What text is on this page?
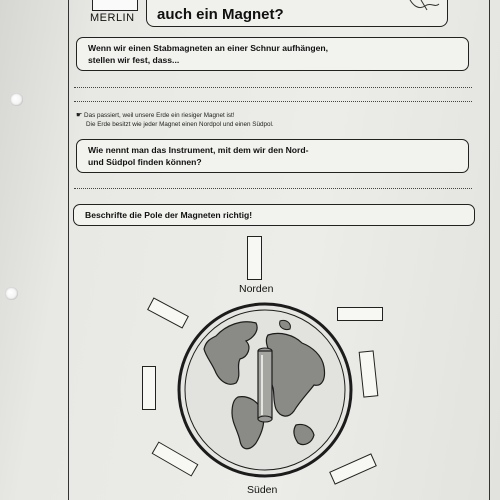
MERLIN auch ein Magnet?
Wenn wir einen Stabmagneten an einer Schnur aufhängen,
stellen wir fest, dass...
☛ Das passiert, weil unsere Erde ein riesiger Magnet ist!
Die Erde besitzt wie jeder Magnet einen Nordpol und einen Südpol.
Wie nennt man das Instrument, mit dem wir den Nord-
und Südpol finden können?
Beschrifte die Pole der Magneten richtig!
Norden
Süden
